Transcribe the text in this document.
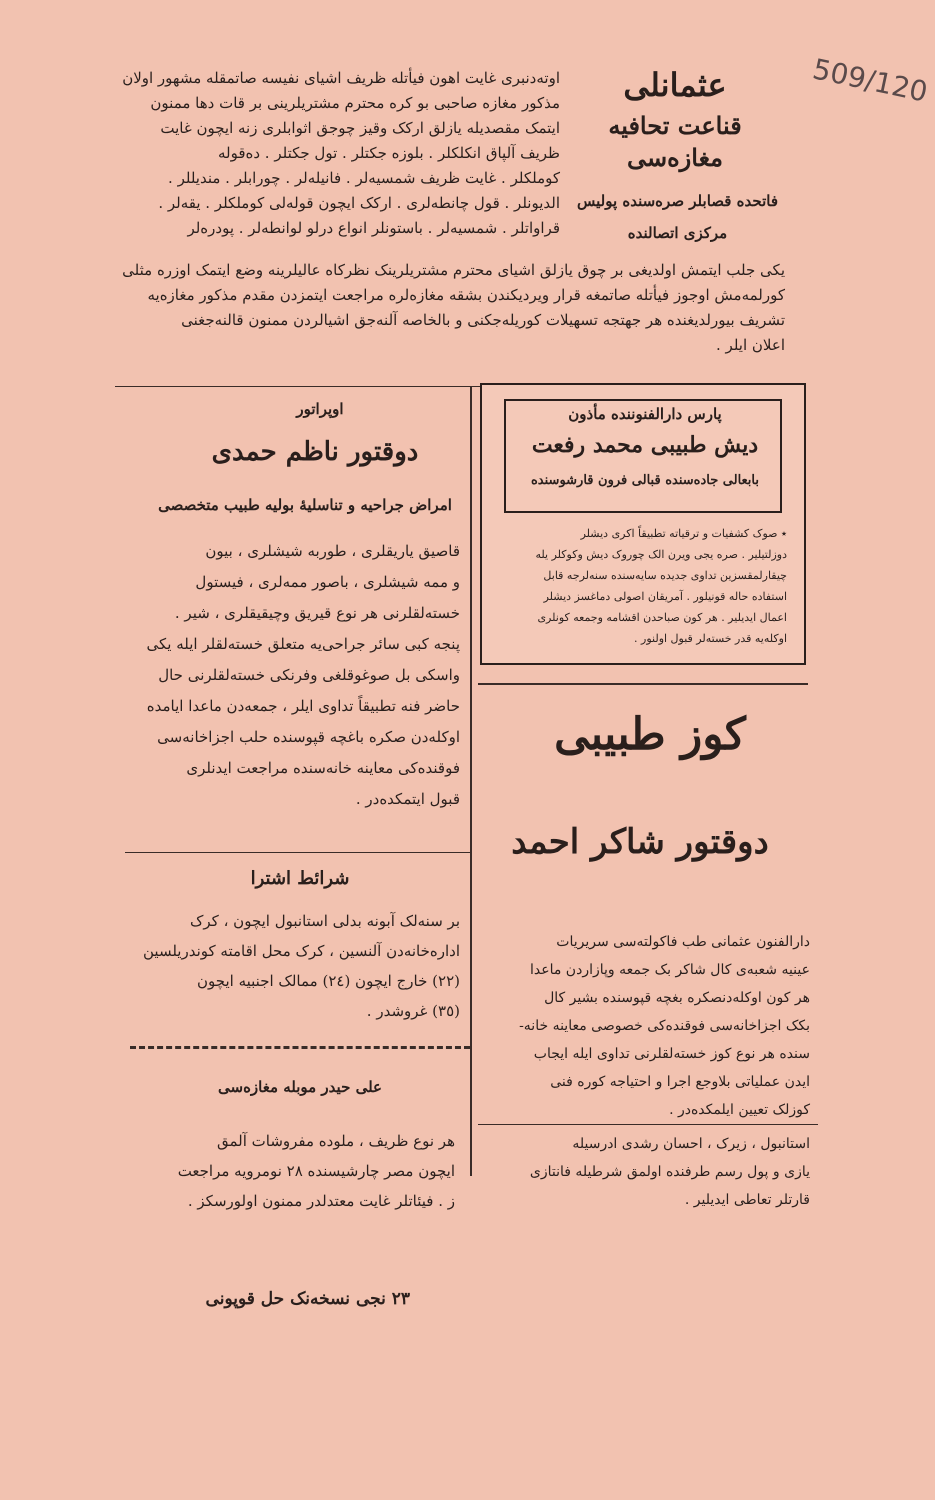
509/120
عثمانلی
قناعت تحافیه مغازه‌سی
فاتحده قصابلر صره‌سنده پولیس
مرکزی اتصالنده
اوته‌دنبری غایت اهون فیأتله ظریف اشیای نفیسه صاتمقله مشهور اولان
مذکور مغازه صاحبی بو کره محترم مشتریلرینی بر قات دها ممنون
ایتمک مقصدیله یازلق ارکک وقیز چوجق اثوابلری زنه ایچون غایت
ظریف آلپاق انکلکلر . بلوزه جکتلر . تول جکتلر . ده‌قوله
کوملکلر . غایت ظریف شمسیه‌لر . فانیله‌لر . چورابلر . مندیللر .
الدیونلر . قول چانطه‌لری . ارکک ایچون قوله‌لی کوملکلر . یقه‌لر .
قراواتلر . شمسیه‌لر . باستونلر انواع درلو لوانطه‌لر . پودره‌لر
یکی جلب ایتمش اولدیغی بر چوق یازلق اشیای محترم مشتریلرینک نظرکاه عالیلرینه وضع ایتمک اوزره مثلی
کورلمه‌مش اوجوز فیأتله صاتمغه قرار ویردیکندن بشقه مغازه‌لره مراجعت ایتمزدن مقدم مذکور مغازه‌یه
تشریف بیورلدیغنده هر جهتجه تسهیلات کوریله‌جکنی و بالخاصه آلنه‌جق اشیالردن ممنون قالنه‌جغنی
اعلان ایلر .
اوپراتور
دوقتور ناظم حمدی
امراض جراحیه و تناسلیهٔ بولیه طبیب متخصصی
قاصیق یاریقلری ، طوربه شیشلری ، بیون
و ممه شیشلری ، باصور ممه‌لری ، فیستول
خسته‌لقلرنی هر نوع قیریق وچیقیقلری ، شیر .
پنجه کبی سائر جراحی‌یه متعلق خسته‌لقلر ایله یکی
واسکی بل صوغوقلغی وفرنکی خسته‌لقلرنی حال
حاضر فنه تطبیقاً تداوی ایلر ، جمعه‌دن ماعدا ایامده
اوکله‌دن صکره باغچه قپوسنده حلب اجزاخانه‌سی
فوقنده‌کی معاینه خانه‌سنده مراجعت ایدنلری
قبول ایتمکده‌در .
شرائط اشترا
بر سنه‌لک آبونه بدلی استانبول ایچون ، کرک
اداره‌خانه‌دن آلنسین ، کرک محل اقامته کوندریلسین
(٢٢) خارج ایچون (٢٤) ممالک اجنبیه ایچون
(٣٥) غروشدر .
علی حیدر موبله مغازه‌سی
هر نوع ظریف ، ملوده مفروشات آلمق
ایچون مصر چارشیسنده ٢٨ نومرویه مراجعت
ز . فیئاتلر غایت معتدلدر ممنون اولورسکز .
پارس دارالفنوننده مأذون
دیش طبیبی محمد رفعت
بابعالی جاده‌سنده قبالی فرون قارشوسنده
٭ صوک کشفیات و ترقیاته تطبیقاً اکری دیشلر
دوزلتیلیر . صره یجی ویرن الک چوروک دیش وکوکلر یله
چیقارلمقسزین تداوی جدیده سایه‌سنده سنه‌لرجه قابل
استفاده حاله قونیلور . آمریقان اصولی دماغسز دیشلر
اعمال ایدیلیر . هر کون صباحدن اقشامه وجمعه کونلری
اوکله‌یه قدر خسته‌لر قبول اولنور .
کوز طبیبی
دوقتور شاکر احمد
دارالفنون عثمانی طب فاکولته‌سی سریریات
عینیه شعبه‌ی کال شاکر بک جمعه وپازاردن ماعدا
هر کون اوکله‌دنصکره بغچه قپوسنده بشیر کال
بکک اجزاخانه‌سی فوقنده‌کی خصوصی معاینه خانه-
سنده هر نوع کوز خسته‌لقلرنی تداوی ایله ایجاب
ایدن عملیاتی بلاوجع اجرا و احتیاجه کوره فنی
کوزلک تعیین ایلمکده‌در .
استانبول ، زیرک ، احسان رشدی ادرسیله
یازی و پول رسم طرفنده اولمق شرطیله فانتازی
قارتلر تعاطی ایدیلیر .
٢٣ نجی نسخه‌نک حل قوپونی
